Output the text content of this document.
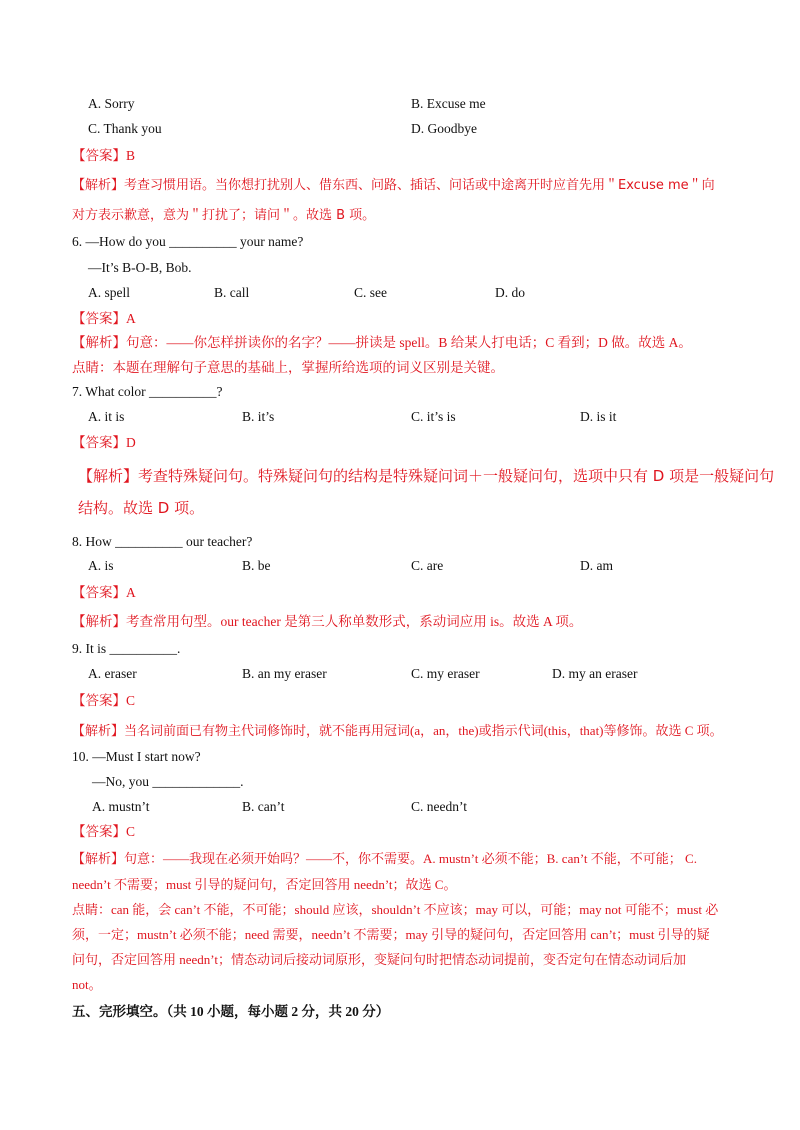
A. Sorry	B. Excuse me
C. Thank you	D. Goodbye
【答案】B
【解析】考查习惯用语。当你想打扰别人、借东西、问路、插话、问话或中途离开时应首先用＂Excuse me＂向
对方表示歉意，意为＂打扰了；请问＂。故选 B 项。
6. —How do you __________ your name?
—It’s B-O-B, Bob.
A. spell	B. call	C. see	D. do
【答案】A
【解析】句意：——你怎样拼读你的名字？——拼读是 spell。B 给某人打电话；C 看到；D 做。故选 A。
点睛：本题在理解句子意思的基础上，掌握所给选项的词义区别是关键。
7. What color __________?
A. it is	B. it’s	C. it’s is	D. is it
【答案】D
【解析】考查特殊疑问句。特殊疑问句的结构是特殊疑问词＋一般疑问句，选项中只有 D 项是一般疑问句
结构。故选 D 项。
8. How __________ our teacher?
A. is	B. be	C. are	D. am
【答案】A
【解析】考查常用句型。our teacher 是第三人称单数形式，系动词应用 is。故选 A 项。
9. It is __________.
A. eraser	B. an my eraser	C. my eraser	D. my an eraser
【答案】C
【解析】当名词前面已有物主代词修饰时，就不能再用冠词(a，an，the)或指示代词(this，that)等修饰。故选 C 项。
10. —Must I start now?
—No, you _____________.
A. mustn’t	B. can’t	C. needn’t
【答案】C
【解析】句意：——我现在必须开始吗？——不，你不需要。A. mustn’t 必须不能；B. can’t 不能，不可能； C.
needn’t 不需要；must 引导的疑问句，否定回答用 needn’t；故选 C。
点睛：can 能，会 can’t 不能，不可能；should 应该，shouldn’t 不应该；may 可以，可能；may not 可能不；must 必
须，一定；mustn’t 必须不能；need 需要，needn’t 不需要；may 引导的疑问句，否定回答用 can’t；must 引导的疑
问句，否定回答用 needn’t；情态动词后接动词原形，变疑问句时把情态动词提前，变否定句在情态动词后加
not。
五、完形填空。（共 10 小题，每小题 2 分，共 20 分）
